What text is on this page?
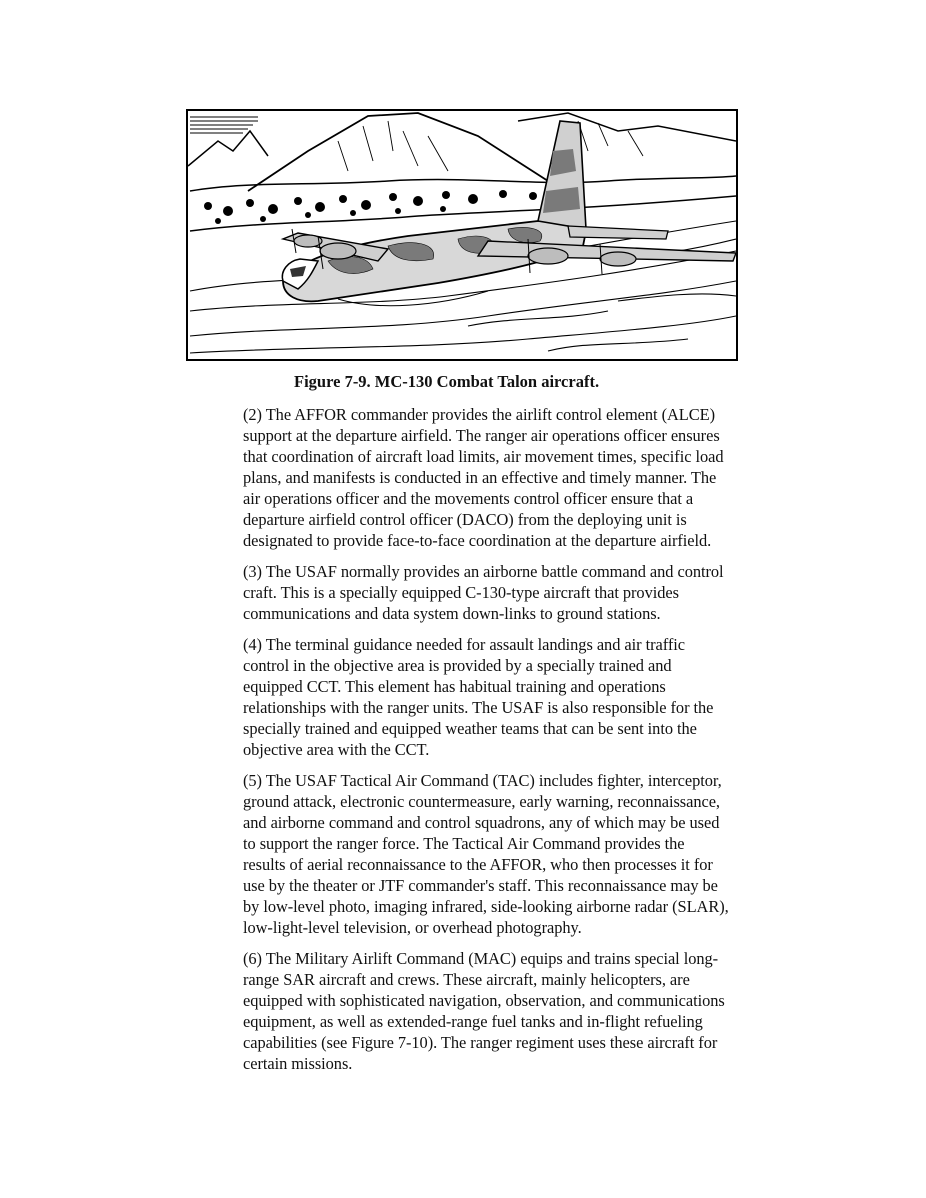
Figure 7-9. MC-130 Combat Talon aircraft.

(2) The AFFOR commander provides the airlift control element (ALCE)
support at the departure airfield. The ranger air operations officer ensures
that coordination of aircraft load limits, air movement times, specific load
plans, and manifests is conducted in an effective and timely manner. The
air operations officer and the movements control officer ensure that a
departure airfield control officer (DACO) from the deploying unit is
designated to provide face-to-face coordination at the departure airfield.
(3) The USAF normally provides an airborne battle command and control
craft. This is a specially equipped C-130-type aircraft that provides
communications and data system down-links to ground stations.
(4) The terminal guidance needed for assault landings and air traffic
control in the objective area is provided by a specially trained and
equipped CCT. This element has habitual training and operations
relationships with the ranger units. The USAF is also responsible for the
specially trained and equipped weather teams that can be sent into the
objective area with the CCT.
(5) The USAF Tactical Air Command (TAC) includes fighter, interceptor,
ground attack, electronic countermeasure, early warning, reconnaissance,
and airborne command and control squadrons, any of which may be used
to support the ranger force. The Tactical Air Command provides the
results of aerial reconnaissance to the AFFOR, who then processes it for
use by the theater or JTF commander's staff. This reconnaissance may be
by low-level photo, imaging infrared, side-looking airborne radar (SLAR),
low-light-level television, or overhead photography.
(6) The Military Airlift Command (MAC) equips and trains special long-
range SAR aircraft and crews. These aircraft, mainly helicopters, are
equipped with sophisticated navigation, observation, and communications
equipment, as well as extended-range fuel tanks and in-flight refueling
capabilities (see Figure 7-10). The ranger regiment uses these aircraft for
certain missions.
